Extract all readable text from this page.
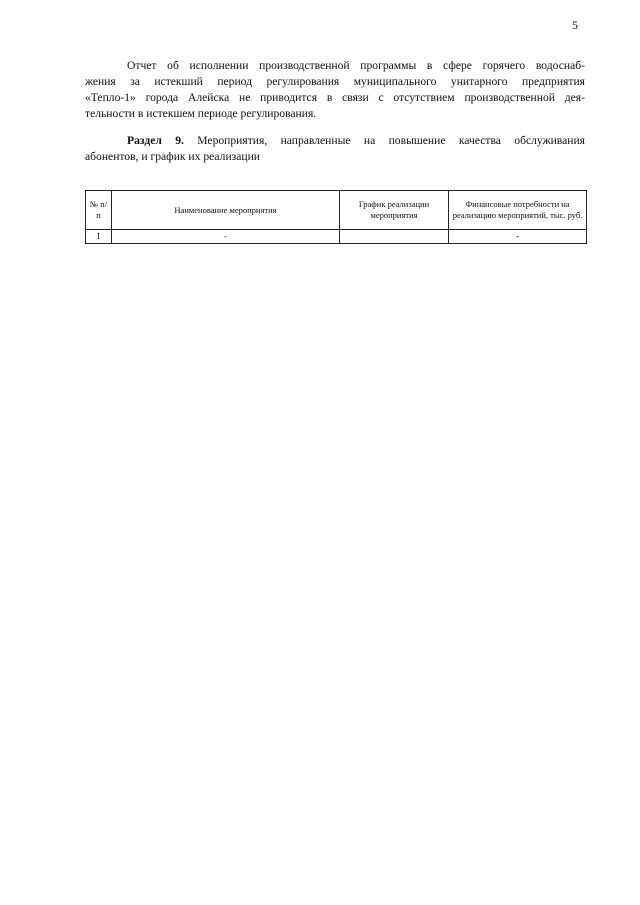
5

Отчет об исполнении производственной программы в сфере горячего водоснаб-
жения за истекший период регулирования муниципального унитарного предприятия
«Тепло-1» города Алейска не приводится в связи с отсутствием производственной дея-
тельности в истекшем периоде регулирования.

Раздел 9. Мероприятия, направленные на повышение качества обслуживания
абонентов, и график их реализации

№ п/п	Наименование мероприятия	График реализации мероприятия	Финансовые потребности на реализацию мероприятий, тыс. руб.
1	-		-
